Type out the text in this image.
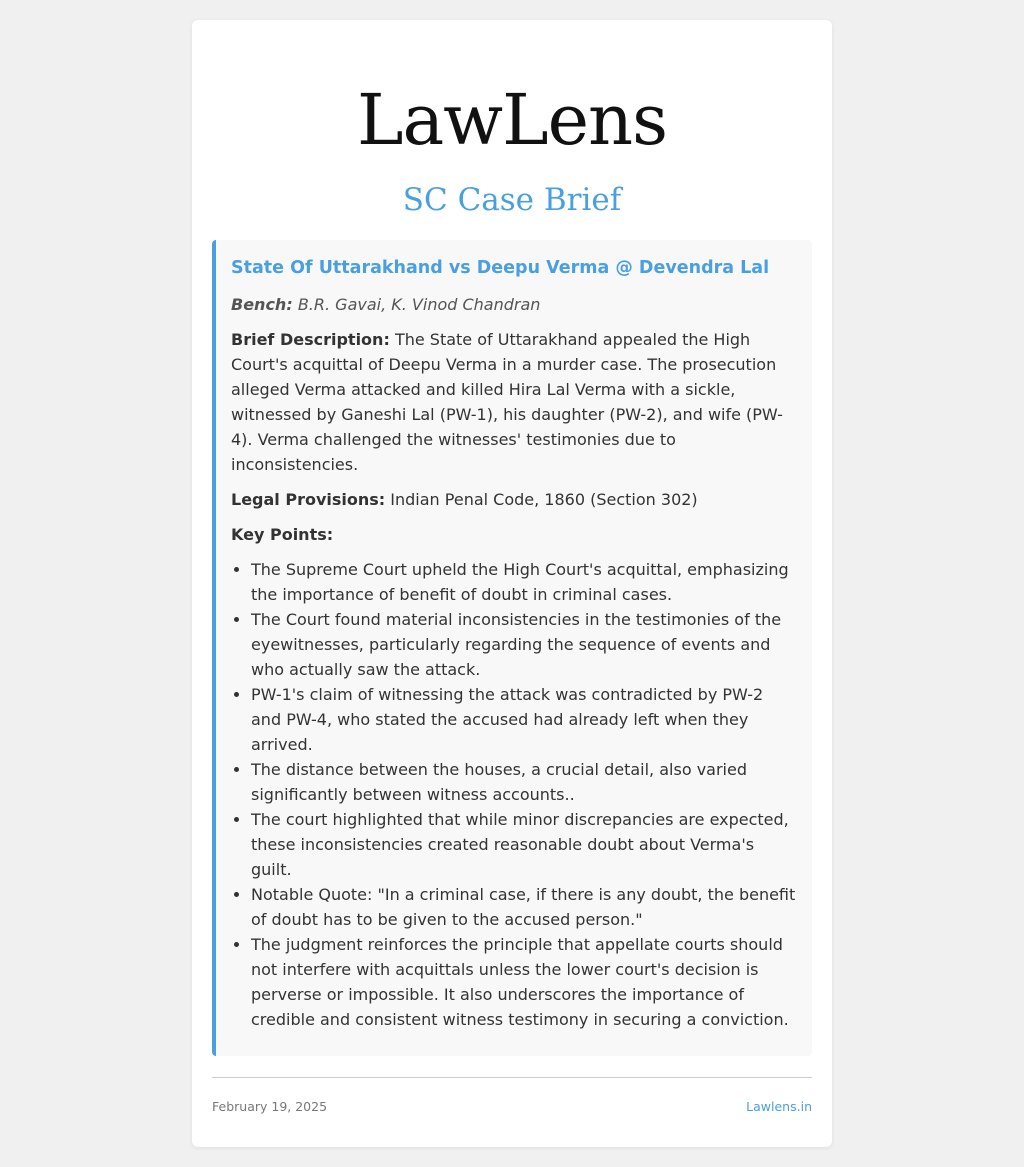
LawLens
SC Case Brief
State Of Uttarakhand vs Deepu Verma @ Devendra Lal
Bench: B.R. Gavai, K. Vinod Chandran
Brief Description: The State of Uttarakhand appealed the High Court's acquittal of Deepu Verma in a murder case. The prosecution alleged Verma attacked and killed Hira Lal Verma with a sickle, witnessed by Ganeshi Lal (PW-1), his daughter (PW-2), and wife (PW-4). Verma challenged the witnesses' testimonies due to inconsistencies.
Legal Provisions: Indian Penal Code, 1860 (Section 302)
Key Points:
• The Supreme Court upheld the High Court's acquittal, emphasizing the importance of benefit of doubt in criminal cases.
• The Court found material inconsistencies in the testimonies of the eyewitnesses, particularly regarding the sequence of events and who actually saw the attack.
• PW-1's claim of witnessing the attack was contradicted by PW-2 and PW-4, who stated the accused had already left when they arrived.
• The distance between the houses, a crucial detail, also varied significantly between witness accounts..
• The court highlighted that while minor discrepancies are expected, these inconsistencies created reasonable doubt about Verma's guilt.
• Notable Quote: "In a criminal case, if there is any doubt, the benefit of doubt has to be given to the accused person."
• The judgment reinforces the principle that appellate courts should not interfere with acquittals unless the lower court's decision is perverse or impossible. It also underscores the importance of credible and consistent witness testimony in securing a conviction.
February 19, 2025	Lawlens.in
